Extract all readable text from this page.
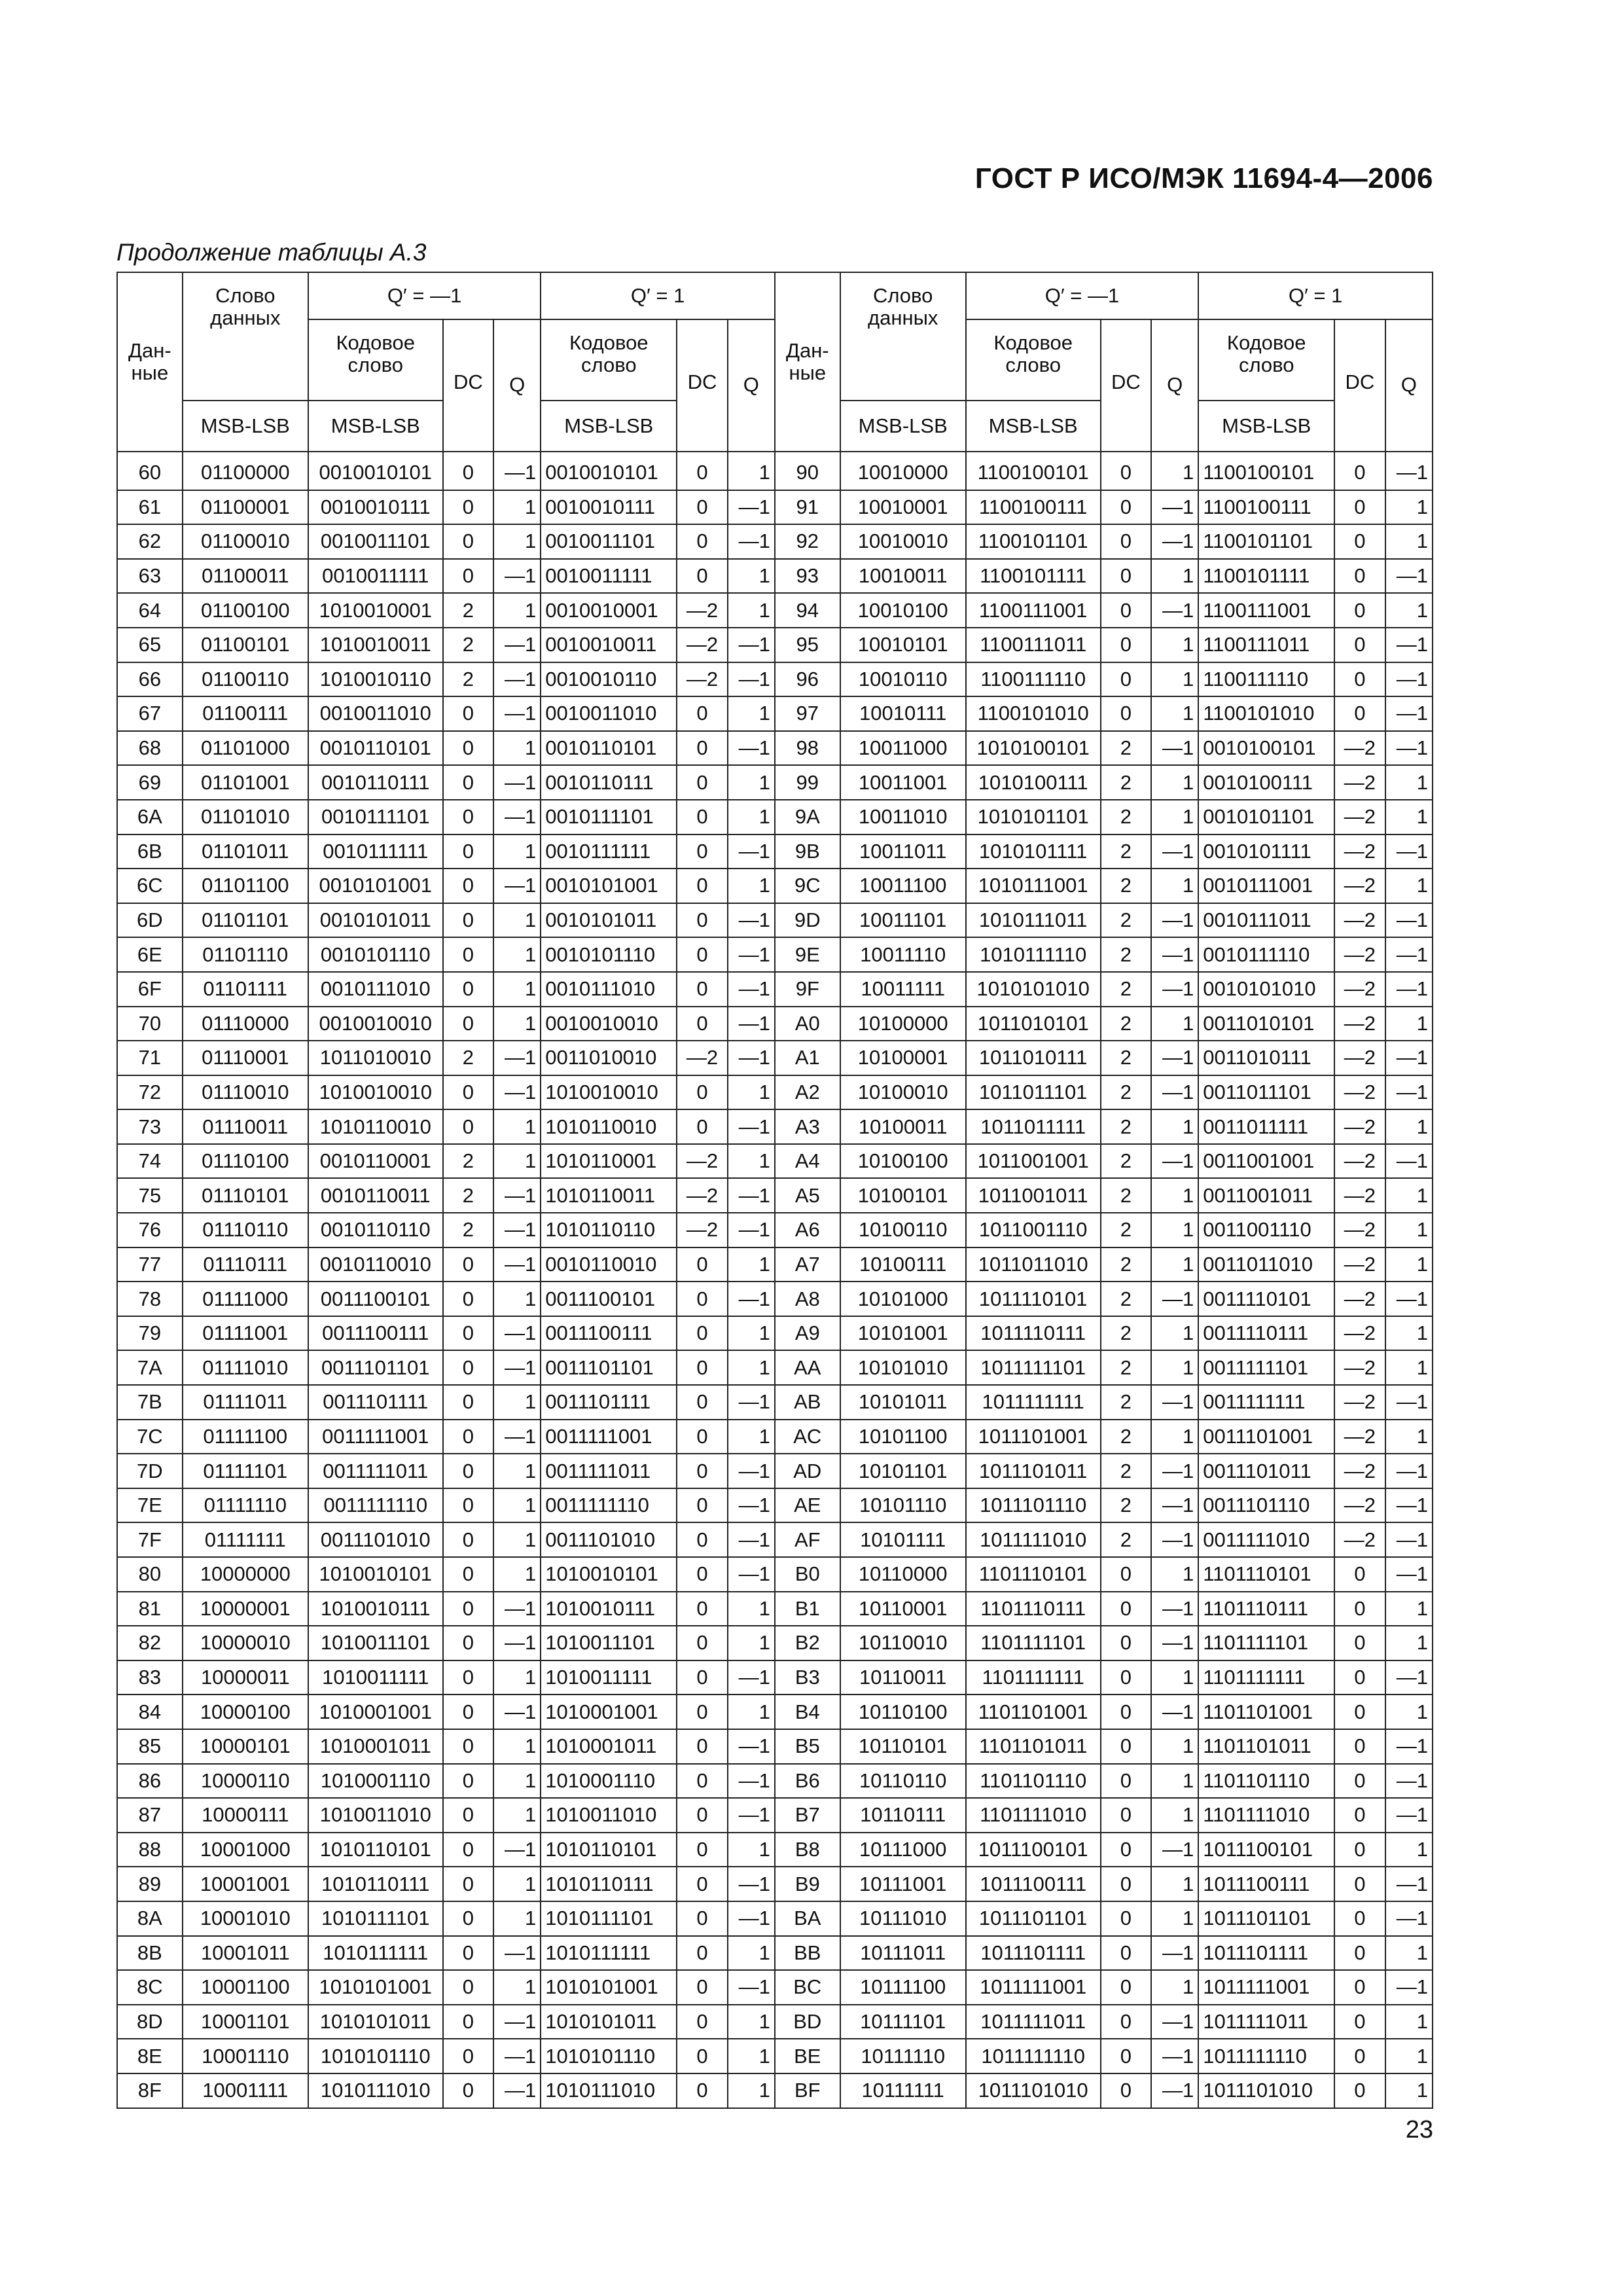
ГОСТ Р ИСО/МЭК 11694-4—2006
Продолжение таблицы А.3
Дан-
ные	Слово
данных	Q′ = —1			Q′ = 1			Дан-
ные	Слово
данных	Q′ = —1			Q′ = 1		
		Кодовое
слово	DC	Q	Кодовое
слово	DC	Q			Кодовое
слово	DC	Q	Кодовое
слово	DC	Q
	MSB-LSB	MSB-LSB			MSB-LSB				MSB-LSB	MSB-LSB			MSB-LSB		
60	01100000	0010010101	0	—1	0010010101	0	1	90	10010000	1100100101	0	1	1100100101	0	—1
61	01100001	0010010111	0	1	0010010111	0	—1	91	10010001	1100100111	0	—1	1100100111	0	1
62	01100010	0010011101	0	1	0010011101	0	—1	92	10010010	1100101101	0	—1	1100101101	0	1
63	01100011	0010011111	0	—1	0010011111	0	1	93	10010011	1100101111	0	1	1100101111	0	—1
64	01100100	1010010001	2	1	0010010001	—2	1	94	10010100	1100111001	0	—1	1100111001	0	1
65	01100101	1010010011	2	—1	0010010011	—2	—1	95	10010101	1100111011	0	1	1100111011	0	—1
66	01100110	1010010110	2	—1	0010010110	—2	—1	96	10010110	1100111110	0	1	1100111110	0	—1
67	01100111	0010011010	0	—1	0010011010	0	1	97	10010111	1100101010	0	1	1100101010	0	—1
68	01101000	0010110101	0	1	0010110101	0	—1	98	10011000	1010100101	2	—1	0010100101	—2	—1
69	01101001	0010110111	0	—1	0010110111	0	1	99	10011001	1010100111	2	1	0010100111	—2	1
6A	01101010	0010111101	0	—1	0010111101	0	1	9A	10011010	1010101101	2	1	0010101101	—2	1
6B	01101011	0010111111	0	1	0010111111	0	—1	9B	10011011	1010101111	2	—1	0010101111	—2	—1
6C	01101100	0010101001	0	—1	0010101001	0	1	9C	10011100	1010111001	2	1	0010111001	—2	1
6D	01101101	0010101011	0	1	0010101011	0	—1	9D	10011101	1010111011	2	—1	0010111011	—2	—1
6E	01101110	0010101110	0	1	0010101110	0	—1	9E	10011110	1010111110	2	—1	0010111110	—2	—1
6F	01101111	0010111010	0	1	0010111010	0	—1	9F	10011111	1010101010	2	—1	0010101010	—2	—1
70	01110000	0010010010	0	1	0010010010	0	—1	A0	10100000	1011010101	2	1	0011010101	—2	1
71	01110001	1011010010	2	—1	0011010010	—2	—1	A1	10100001	1011010111	2	—1	0011010111	—2	—1
72	01110010	1010010010	0	—1	1010010010	0	1	A2	10100010	1011011101	2	—1	0011011101	—2	—1
73	01110011	1010110010	0	1	1010110010	0	—1	A3	10100011	1011011111	2	1	0011011111	—2	1
74	01110100	0010110001	2	1	1010110001	—2	1	A4	10100100	1011001001	2	—1	0011001001	—2	—1
75	01110101	0010110011	2	—1	1010110011	—2	—1	A5	10100101	1011001011	2	1	0011001011	—2	1
76	01110110	0010110110	2	—1	1010110110	—2	—1	A6	10100110	1011001110	2	1	0011001110	—2	1
77	01110111	0010110010	0	—1	0010110010	0	1	A7	10100111	1011011010	2	1	0011011010	—2	1
78	01111000	0011100101	0	1	0011100101	0	—1	A8	10101000	1011110101	2	—1	0011110101	—2	—1
79	01111001	0011100111	0	—1	0011100111	0	1	A9	10101001	1011110111	2	1	0011110111	—2	1
7A	01111010	0011101101	0	—1	0011101101	0	1	AA	10101010	1011111101	2	1	0011111101	—2	1
7B	01111011	0011101111	0	1	0011101111	0	—1	AB	10101011	1011111111	2	—1	0011111111	—2	—1
7C	01111100	0011111001	0	—1	0011111001	0	1	AC	10101100	1011101001	2	1	0011101001	—2	1
7D	01111101	0011111011	0	1	0011111011	0	—1	AD	10101101	1011101011	2	—1	0011101011	—2	—1
7E	01111110	0011111110	0	1	0011111110	0	—1	AE	10101110	1011101110	2	—1	0011101110	—2	—1
7F	01111111	0011101010	0	1	0011101010	0	—1	AF	10101111	1011111010	2	—1	0011111010	—2	—1
80	10000000	1010010101	0	1	1010010101	0	—1	B0	10110000	1101110101	0	1	1101110101	0	—1
81	10000001	1010010111	0	—1	1010010111	0	1	B1	10110001	1101110111	0	—1	1101110111	0	1
82	10000010	1010011101	0	—1	1010011101	0	1	B2	10110010	1101111101	0	—1	1101111101	0	1
83	10000011	1010011111	0	1	1010011111	0	—1	B3	10110011	1101111111	0	1	1101111111	0	—1
84	10000100	1010001001	0	—1	1010001001	0	1	B4	10110100	1101101001	0	—1	1101101001	0	1
85	10000101	1010001011	0	1	1010001011	0	—1	B5	10110101	1101101011	0	1	1101101011	0	—1
86	10000110	1010001110	0	1	1010001110	0	—1	B6	10110110	1101101110	0	1	1101101110	0	—1
87	10000111	1010011010	0	1	1010011010	0	—1	B7	10110111	1101111010	0	1	1101111010	0	—1
88	10001000	1010110101	0	—1	1010110101	0	1	B8	10111000	1011100101	0	—1	1011100101	0	1
89	10001001	1010110111	0	1	1010110111	0	—1	B9	10111001	1011100111	0	1	1011100111	0	—1
8A	10001010	1010111101	0	1	1010111101	0	—1	BA	10111010	1011101101	0	1	1011101101	0	—1
8B	10001011	1010111111	0	—1	1010111111	0	1	BB	10111011	1011101111	0	—1	1011101111	0	1
8C	10001100	1010101001	0	1	1010101001	0	—1	BC	10111100	1011111001	0	1	1011111001	0	—1
8D	10001101	1010101011	0	—1	1010101011	0	1	BD	10111101	1011111011	0	—1	1011111011	0	1
8E	10001110	1010101110	0	—1	1010101110	0	1	BE	10111110	1011111110	0	—1	1011111110	0	1
8F	10001111	1010111010	0	—1	1010111010	0	1	BF	10111111	1011101010	0	—1	1011101010	0	1
23
